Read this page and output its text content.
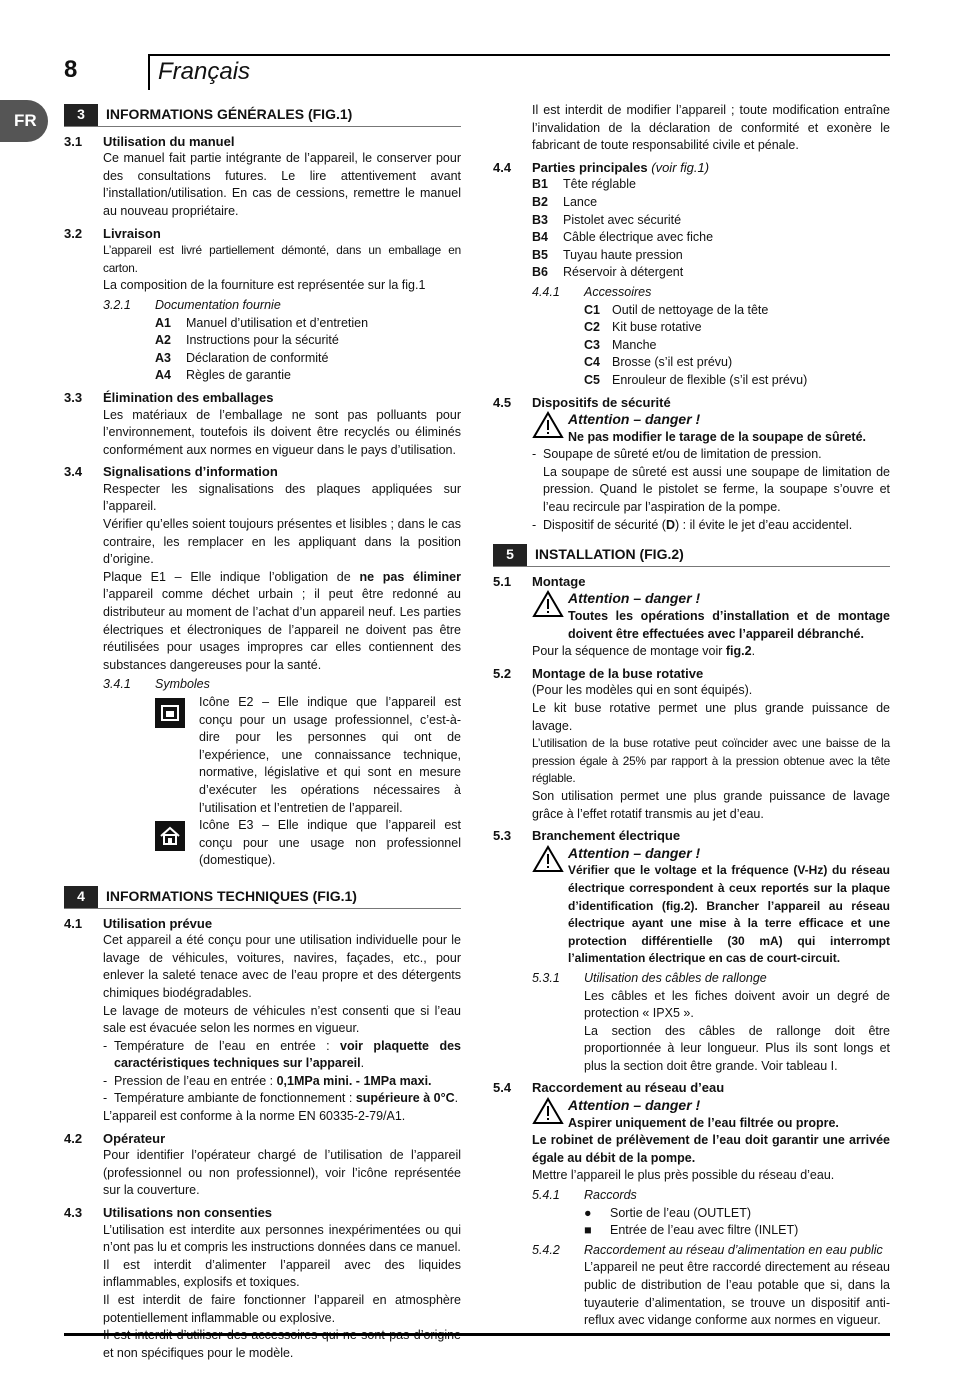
8	Français
FR	3	INFORMATIONS GÉNÉRALES (FIG.1)
3.1	Utilisation du manuel
Ce manuel fait partie intégrante de l’appareil, le conserver pour des consultations futures. Le lire attentivement avant l’installation/utilisation. En cas de cessions, remettre le manuel au nouveau propriétaire.
3.2	Livraison
L’appareil est livré partiellement démonté, dans un emballage en carton.
La composition de la fourniture est représentée sur la fig.1
3.2.1	Documentation fournie
A1	Manuel d’utilisation et d’entretien
A2	Instructions pour la sécurité
A3	Déclaration de conformité
A4	Règles de garantie
3.3	Élimination des emballages
Les matériaux de l’emballage ne sont pas polluants pour l’environnement, toutefois ils doivent être recyclés ou éliminés conformément aux normes en vigueur dans le pays d’utilisation.
3.4	Signalisations d’information
Respecter les signalisations des plaques appliquées sur l’appareil.
Vérifier qu’elles soient toujours présentes et lisibles ; dans le cas contraire, les remplacer en les appliquant dans la position d’origine.
Plaque E1 – Elle indique l’obligation de ne pas éliminer l’appareil comme déchet urbain ; il peut être redonné au distributeur au moment de l’achat d’un appareil neuf. Les parties électriques et électroniques de l’appareil ne doivent pas être réutilisées pour usages impropres car elles contiennent des substances dangereuses pour la santé.
3.4.1	Symboles
Icône E2 – Elle indique que l’appareil est conçu pour un usage professionnel, c’est-à-dire pour les personnes qui ont de l’expérience, une connaissance technique, normative, législative et qui sont en mesure d’exécuter les opérations nécessaires à l’utilisation et l’entretien de l’appareil.
Icône E3 – Elle indique que l’appareil est conçu pour une usage non professionnel (domestique).
4	INFORMATIONS TECHNIQUES (FIG.1)
4.1	Utilisation prévue
Cet appareil a été conçu pour une utilisation individuelle pour le lavage de véhicules, voitures, navires, façades, etc., pour enlever la saleté tenace avec de l’eau propre et des détergents chimiques biodégradables.
Le lavage de moteurs de véhicules n’est consenti que si l’eau sale est évacuée selon les normes en vigueur.
- Température de l’eau en entrée : voir plaquette des caractéristiques techniques sur l’appareil.
- Pression de l’eau en entrée : 0,1MPa mini. - 1MPa maxi.
- Température ambiante de fonctionnement : supérieure à 0°C.
L’appareil est conforme à la norme EN 60335-2-79/A1.
4.2	Opérateur
Pour identifier l’opérateur chargé de l’utilisation de l’appareil (professionnel ou non professionnel), voir l’icône représentée sur la couverture.
4.3	Utilisations non consenties
L’utilisation est interdite aux personnes inexpérimentées ou qui n’ont pas lu et compris les instructions données dans ce manuel.
Il est interdit d’alimenter l’appareil avec des liquides inflammables, explosifs et toxiques.
Il est interdit de faire fonctionner l’appareil en atmosphère potentiellement inflammable ou explosive.
Il est interdit d’utiliser des accessoires qui ne sont pas d’origine et non spécifiques pour le modèle.
Il est interdit de modifier l’appareil ; toute modification entraîne l’invalidation de la déclaration de conformité et exonère le fabricant de toute responsabilité civile et pénale.
4.4	Parties principales
(voir fig.1)
B1	Tête réglable
B2	Lance
B3	Pistolet avec sécurité
B4	Câble électrique avec fiche
B5	Tuyau haute pression
B6	Réservoir à détergent
4.4.1	Accessoires
C1 Outil de nettoyage de la tête
C2 Kit buse rotative
C3 Manche
C4 Brosse (s’il est prévu)
C5 Enrouleur de flexible (s’il est prévu)
4.5	Dispositifs de sécurité
Attention – danger !
Ne pas modifier le tarage de la soupape de sûreté.
- Soupape de sûreté et/ou de limitation de pression.
La soupape de sûreté est aussi une soupape de limitation de pression. Quand le pistolet se ferme, la soupape s’ouvre et l’eau recircule par l’aspiration de la pompe.
- Dispositif de sécurité (D) : il évite le jet d’eau accidentel.
5	INSTALLATION (FIG.2)
5.1	Montage
Attention – danger !
Toutes les opérations d’installation et de montage doivent être effectuées avec l’appareil débranché.
Pour la séquence de montage voir fig.2.
5.2	Montage de la buse rotative
(Pour les modèles qui en sont équipés).
Le kit buse rotative permet une plus grande puissance de lavage.
L’utilisation de la buse rotative peut coïncider avec une baisse de la pression égale à 25% par rapport à la pression obtenue avec la tête réglable.
Son utilisation permet une plus grande puissance de lavage grâce à l’effet rotatif transmis au jet d’eau.
5.3	Branchement électrique
Attention – danger !
Vérifier que le voltage et la fréquence (V-Hz) du réseau électrique correspondent à ceux reportés sur la plaque d’identification (fig.2). Brancher l’appareil au réseau électrique ayant une mise à la terre efficace et une protection différentielle (30 mA) qui interrompt l’alimentation électrique en cas de court-circuit.
5.3.1	Utilisation des câbles de rallonge
Les câbles et les fiches doivent avoir un degré de protection « IPX5 ».
La section des câbles de rallonge doit être proportionnée à leur longueur. Plus ils sont longs et plus la section doit être grande. Voir tableau I.
5.4	Raccordement au réseau d’eau
Attention – danger !
Aspirer uniquement de l’eau filtrée ou propre.
Le robinet de prélèvement de l’eau doit garantir une arrivée égale au débit de la pompe.
Mettre l’appareil le plus près possible du réseau d’eau.
5.4.1	Raccords
●	Sortie de l’eau (OUTLET)
■	Entrée de l’eau avec filtre (INLET)
5.4.2	Raccordement au réseau d’alimentation en eau public
L’appareil ne peut être raccordé directement au réseau public de distribution de l’eau potable que si, dans la tuyauterie d’alimentation, se trouve un dispositif anti-reflux avec vidange conforme aux normes en vigueur.
